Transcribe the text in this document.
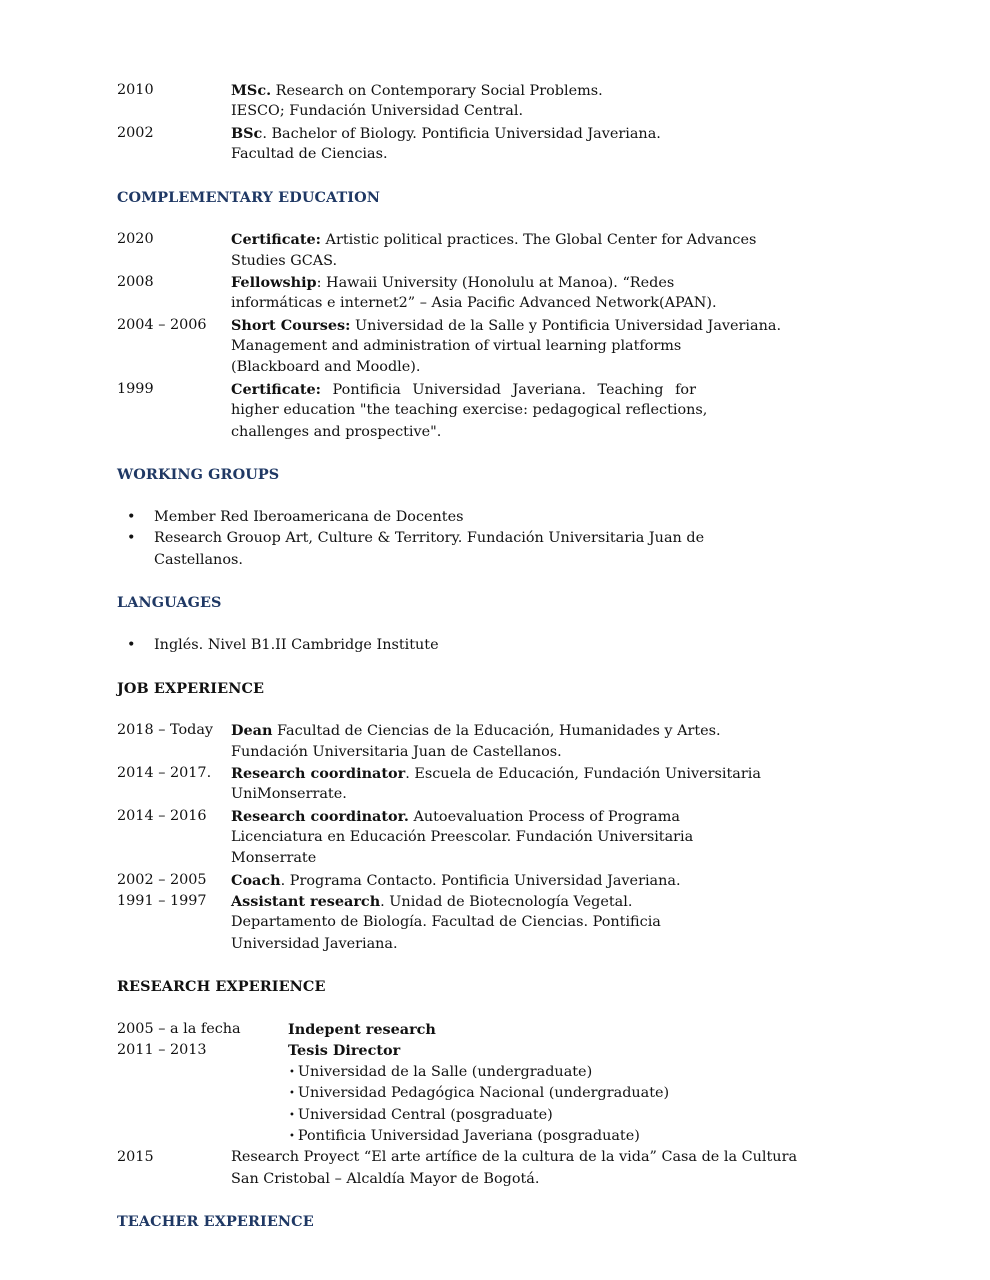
2010	MSc. Research on Contemporary Social Problems.
IESCO; Fundación Universidad Central.
2002	BSc. Bachelor of Biology. Pontificia Universidad Javeriana.
Facultad de Ciencias.
COMPLEMENTARY EDUCATION
2020	Certificate: Artistic political practices. The Global Center for Advances
Studies GCAS.
2008	Fellowship: Hawaii University (Honolulu at Manoa). “Redes
informáticas e internet2” – Asia Pacific Advanced Network(APAN).
2004 – 2006 Short Courses: Universidad de la Salle y Pontificia Universidad Javeriana.
Management and administration of virtual learning platforms
(Blackboard and Moodle).
1999	Certificate: Pontificia Universidad Javeriana. Teaching for
higher education "the teaching exercise: pedagogical reflections,
challenges and prospective".
WORKING GROUPS
• Member Red Iberoamericana de Docentes
• Research Grouop Art, Culture & Territory. Fundación Universitaria Juan de
Castellanos.
LANGUAGES
• Inglés. Nivel B1.II Cambridge Institute
JOB EXPERIENCE
2018 – Today Dean Facultad de Ciencias de la Educación, Humanidades y Artes.
Fundación Universitaria Juan de Castellanos.
2014 – 2017. Research coordinator. Escuela de Educación, Fundación Universitaria
UniMonserrate.
2014 – 2016 Research coordinator. Autoevaluation Process of Programa
Licenciatura en Educación Preescolar. Fundación Universitaria
Monserrate
2002 – 2005 Coach. Programa Contacto. Pontificia Universidad Javeriana.
1991 – 1997 Assistant research. Unidad de Biotecnología Vegetal.
Departamento de Biología. Facultad de Ciencias. Pontificia
Universidad Javeriana.
RESEARCH EXPERIENCE
2005 – a la fecha	Indepent research
2011 – 2013	Tesis Director
• Universidad de la Salle (undergraduate)
• Universidad Pedagógica Nacional (undergraduate)
• Universidad Central (posgraduate)
• Pontificia Universidad Javeriana (posgraduate)
2015	Research Proyect “El arte artífice de la cultura de la vida” Casa de la Cultura
San Cristobal – Alcaldía Mayor de Bogotá.
TEACHER EXPERIENCE
